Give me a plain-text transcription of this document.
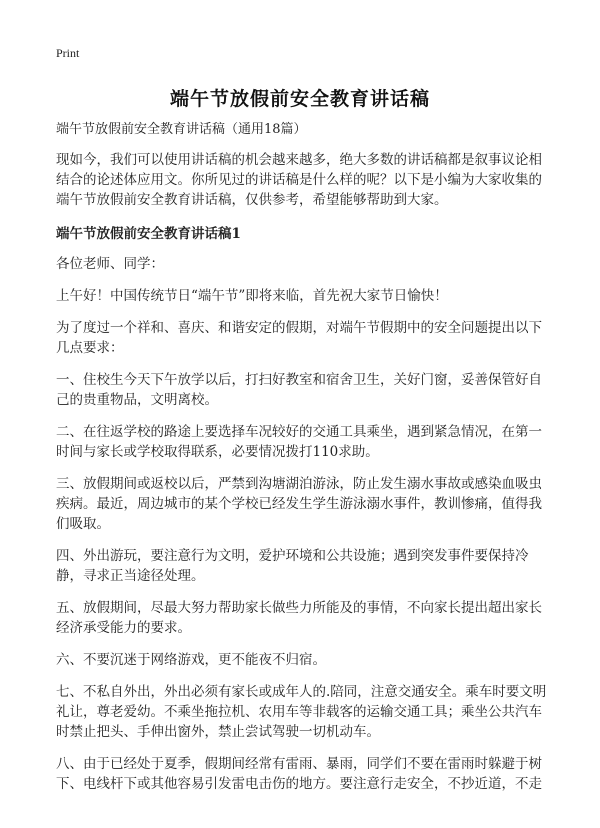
Print
端午节放假前安全教育讲话稿
端午节放假前安全教育讲话稿（通用18篇）

现如今，我们可以使用讲话稿的机会越来越多，绝大多数的讲话稿都是叙事议论相结合的论述体应用文。你所见过的讲话稿是什么样的呢？以下是小编为大家收集的端午节放假前安全教育讲话稿，仅供参考，希望能够帮助到大家。

端午节放假前安全教育讲话稿1

各位老师、同学：

上午好！中国传统节日“端午节”即将来临，首先祝大家节日愉快！

为了度过一个祥和、喜庆、和谐安定的假期，对端午节假期中的安全问题提出以下几点要求：

一、住校生今天下午放学以后，打扫好教室和宿舍卫生，关好门窗，妥善保管好自己的贵重物品，文明离校。

二、在往返学校的路途上要选择车况较好的交通工具乘坐，遇到紧急情况，在第一时间与家长或学校取得联系，必要情况拨打110求助。

三、放假期间或返校以后，严禁到沟塘湖泊游泳，防止发生溺水事故或感染血吸虫疾病。最近，周边城市的某个学校已经发生学生游泳溺水事件，教训惨痛，值得我们吸取。

四、外出游玩，要注意行为文明，爱护环境和公共设施；遇到突发事件要保持冷静，寻求正当途径处理。

五、放假期间，尽最大努力帮助家长做些力所能及的事情，不向家长提出超出家长经济承受能力的要求。

六、不要沉迷于网络游戏，更不能夜不归宿。

七、不私自外出，外出必须有家长或成年人的.陪同，注意交通安全。乘车时要文明礼让，尊老爱幼。不乘坐拖拉机、农用车等非载客的运输交通工具；乘坐公共汽车时禁止把头、手伸出窗外，禁止尝试驾驶一切机动车。

八、由于已经处于夏季，假期间经常有雷雨、暴雨，同学们不要在雷雨时躲避于树下、电线杆下或其他容易引发雷电击伤的地方。要注意行走安全，不抄近道，不走
